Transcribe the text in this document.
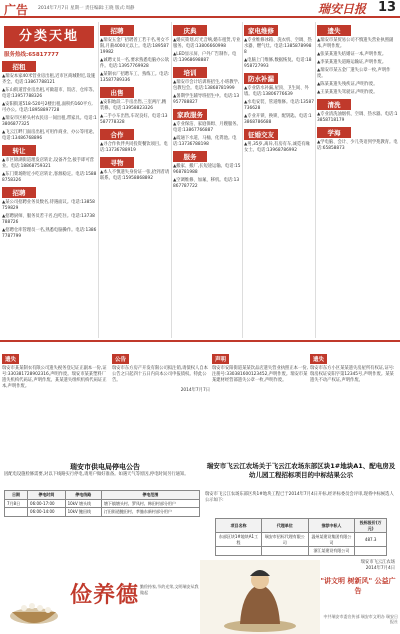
广告 2014年7月7日 星期一 责任编辑:王晓 版式:周静	瑞安日报 13
分类天地
服务热线:65817777
招租
▲瑞安本家40米营业房出租,近市区商城附近,设施齐全。电话:13867788121
▲东山街道营业房出租,可做超市、饭店、仓库等。电话:13957788326
▲安阳街道518-520号2楼出租,面积约160平方,可办公。电话:18958897728
▲瑞安市区桥头村农民房一间出租,带家具。电话:13806877325
▲飞云江畔门面房出租,可用作商业、办公等用途。电话:13486768896
转让
▲市区锦湖街道理发店转让,设备齐全,接手即可营业。电话:18868759321
▲东门菜场附近小吃店转让,客源稳定。电话:15888758326
招聘
▲某公司招聘业务员数名,待遇面议。电话:13858759829
▲招聘厨师、服务员若干名,包吃住。电话:13738788726
▲招聘仓库管理员一名,熟悉电脑操作。电话:13867787799
招聘
▲瑞安五金厂招聘普工若干名,男女不限,月薪4000元以上。电话:18958719982
▲诚聘文员一名,要求熟悉电脑办公软件。电话:13957769928
▲某制衣厂招聘车工、熟练工。电话:13587789336
出售
▲安阳地段二手房出售,三室两厅,精装修。电话:13958823326
▲二手小车出售,车况良好。电话:13587778328
合作
▲寻合作伙伴共同投资餐饮项目。电话:13736788919
寻物
▲本人不慎遗失身份证一张,拾到者请联系。电话:15958868892
庆典
▲婚庆策划,灯光音响,婚车租赁,专业服务。电话:13806660998
▲LED显示屏、户外广告制作。电话:13968698887
培训
▲瑞安市会计培训班招生,小班教学,包教包会。电话:13868781999
▲暑期学生辅导班招生中。电话:13957788827
家政服务
▲专业保洁、家庭保姆、月嫂服务。电话:13867766887
▲疏通下水道、马桶、化粪池。电话:13736788198
服务
▲搬家、搬厂,长短途运输。电话:15968781988
▲空调维修、加氟、移机。电话:13867787722
家电维修
▲专业维修冰箱、洗衣机、空调、热水器、燃气灶。电话:13858789988
▲电脑上门维修,数据恢复。电话:18958727993
防水补漏
▲专业防水补漏,屋顶、卫生间、外墙。电话:13806776639
▲水电安装、管道维修。电话:13587736628
▲专业开锁、换锁、配钥匙。电话:13868786688
征婚交友
▲男,35岁,离异,有房有车,诚觅有缘女士。电话:13968786992
遗失
▲瑞安市某贸易公司不慎遗失营业执照副本,声明作废。
▲张某某遗失结婚证一本,声明作废。
▲李某某遗失道路运输证,声明作废。
▲瑞安市某五金厂遗失公章一枚,声明作废。
▲陈某某遗失残疾证,声明作废。
▲王某某遗失驾驶证,声明作废。
清洗
▲专业清洗油烟机、空调、热水器。电话:13858718179
学海
▲学电脑、会计、少儿英语到学苑教育。电话:65858873
遗失
瑞安市某某制衣有限公司遗失税务登记证正副本一份,证号:330381728902316,声明作废。瑞安市某某塑料厂遗失机构代码证,声明作废。某某遗失组织机构代码证正本,声明作废。
公告
瑞安市东方房产开发有限公司拟注销,请债权人自本公告之日起四十五日内向本公司申报债权。特此公告。
2014年7月7日
声明
瑞安市安阳街道某某饮品店遗失营业执照正本一份,注册号:330381600123452,声明作废。瑞安市某某建材经营部遗失公章一枚,声明作废。
遗失
瑞安市东方小区某某遗失房屋所有权证,证号:瑞房权证安阳字第12345号,声明作废。某某遗失不动产权证,声明作废。
瑞安市供电局停电公告
因配电设施检修需要,对以下线路实行停电,请用户做好准备。如遇天气等原因,停电时间另行通知。
日期	停电时间	停电线路	停电范围
7月8日	06:00-17:00	10kV 塘头线	塘下镇塘头村、罗凤村、韩田村部分用户
	06:00-14:00	10kV 鲍田线	汀田街道鲍田村、莘塍东新村部分用户
瑞安市飞云江农场关于飞云江农场东部区块1#地块A1、配电房及幼儿园工程招标项目的中标结果公示
瑞安市飞云江农场东部区块1#地块工程已于2014年7月4日开标,经评标委员会评审,现将中标候选人公示如下:
项目名称	代理单位	推荐中标人	投标报价(万元)
东部区块1#地块A1工程	瑞安市招标代理有限公司	温州某建设集团有限公司	487.3
		浙江某建设有限公司	
瑞安市飞云江农场
2014年7月4日
俭养德 勤俭持家,节约光荣,文明瑞安从我做起
"讲文明 树新风" 公益广告
中共瑞安市委宣传部 瑞安市文明办 瑞安日报社
